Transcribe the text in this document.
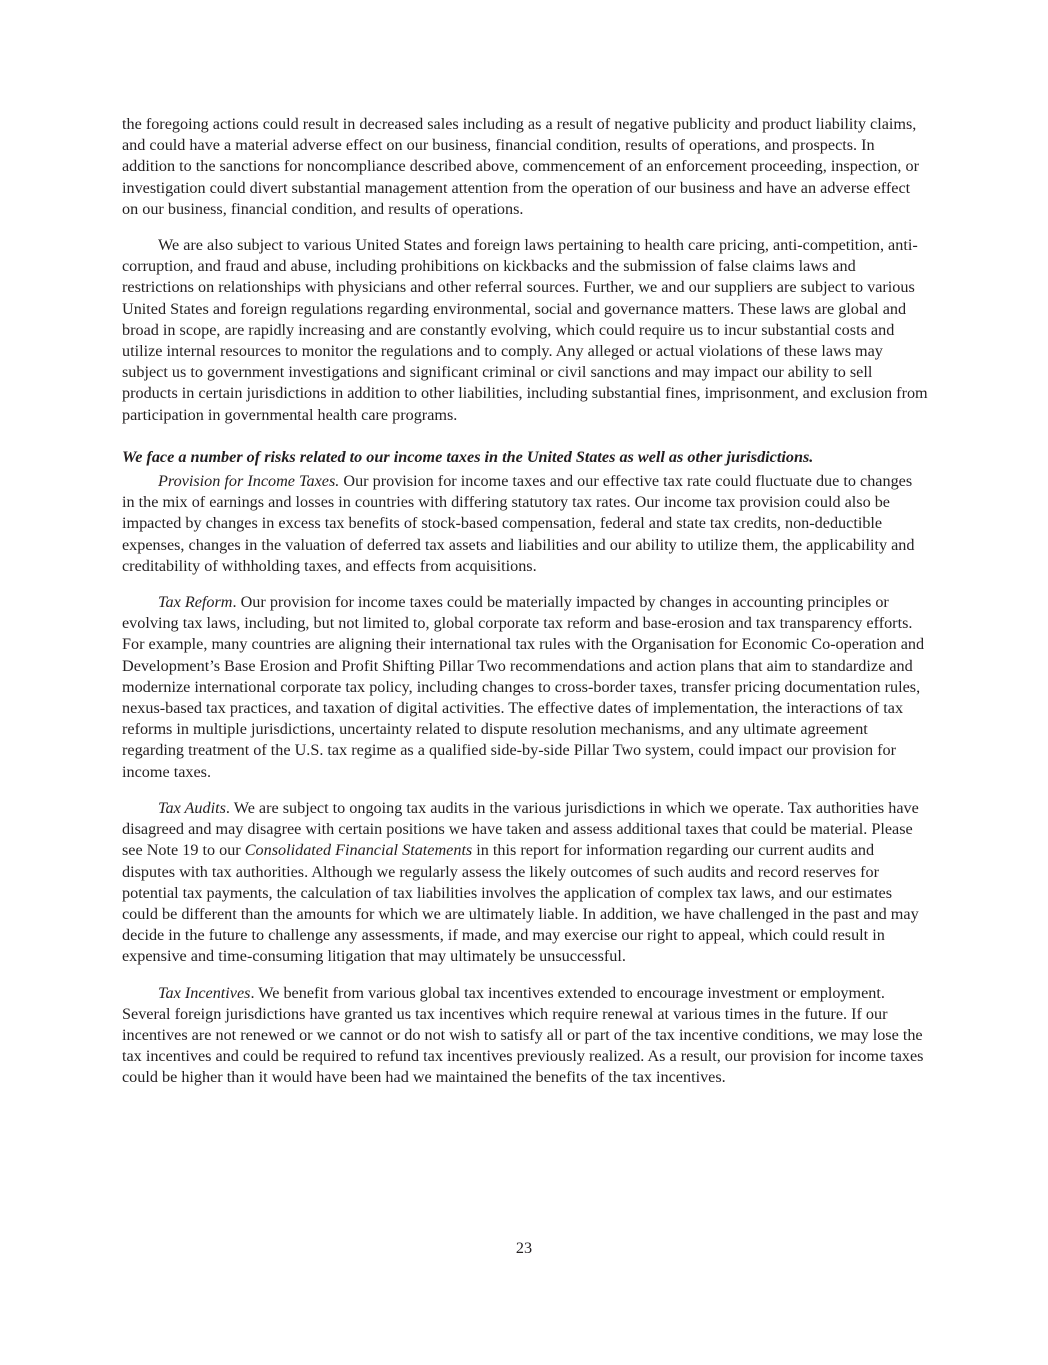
the foregoing actions could result in decreased sales including as a result of negative publicity and product liability claims, and could have a material adverse effect on our business, financial condition, results of operations, and prospects. In addition to the sanctions for noncompliance described above, commencement of an enforcement proceeding, inspection, or investigation could divert substantial management attention from the operation of our business and have an adverse effect on our business, financial condition, and results of operations.

We are also subject to various United States and foreign laws pertaining to health care pricing, anti-competition, anti-corruption, and fraud and abuse, including prohibitions on kickbacks and the submission of false claims laws and restrictions on relationships with physicians and other referral sources. Further, we and our suppliers are subject to various United States and foreign regulations regarding environmental, social and governance matters. These laws are global and broad in scope, are rapidly increasing and are constantly evolving, which could require us to incur substantial costs and utilize internal resources to monitor the regulations and to comply. Any alleged or actual violations of these laws may subject us to government investigations and significant criminal or civil sanctions and may impact our ability to sell products in certain jurisdictions in addition to other liabilities, including substantial fines, imprisonment, and exclusion from participation in governmental health care programs.

We face a number of risks related to our income taxes in the United States as well as other jurisdictions.

Provision for Income Taxes. Our provision for income taxes and our effective tax rate could fluctuate due to changes in the mix of earnings and losses in countries with differing statutory tax rates. Our income tax provision could also be impacted by changes in excess tax benefits of stock-based compensation, federal and state tax credits, non-deductible expenses, changes in the valuation of deferred tax assets and liabilities and our ability to utilize them, the applicability and creditability of withholding taxes, and effects from acquisitions.

Tax Reform. Our provision for income taxes could be materially impacted by changes in accounting principles or evolving tax laws, including, but not limited to, global corporate tax reform and base-erosion and tax transparency efforts. For example, many countries are aligning their international tax rules with the Organisation for Economic Co-operation and Development’s Base Erosion and Profit Shifting Pillar Two recommendations and action plans that aim to standardize and modernize international corporate tax policy, including changes to cross-border taxes, transfer pricing documentation rules, nexus-based tax practices, and taxation of digital activities. The effective dates of implementation, the interactions of tax reforms in multiple jurisdictions, uncertainty related to dispute resolution mechanisms, and any ultimate agreement regarding treatment of the U.S. tax regime as a qualified side-by-side Pillar Two system, could impact our provision for income taxes.

Tax Audits. We are subject to ongoing tax audits in the various jurisdictions in which we operate. Tax authorities have disagreed and may disagree with certain positions we have taken and assess additional taxes that could be material. Please see Note 19 to our Consolidated Financial Statements in this report for information regarding our current audits and disputes with tax authorities. Although we regularly assess the likely outcomes of such audits and record reserves for potential tax payments, the calculation of tax liabilities involves the application of complex tax laws, and our estimates could be different than the amounts for which we are ultimately liable. In addition, we have challenged in the past and may decide in the future to challenge any assessments, if made, and may exercise our right to appeal, which could result in expensive and time-consuming litigation that may ultimately be unsuccessful.

Tax Incentives. We benefit from various global tax incentives extended to encourage investment or employment. Several foreign jurisdictions have granted us tax incentives which require renewal at various times in the future. If our incentives are not renewed or we cannot or do not wish to satisfy all or part of the tax incentive conditions, we may lose the tax incentives and could be required to refund tax incentives previously realized. As a result, our provision for income taxes could be higher than it would have been had we maintained the benefits of the tax incentives.

23
